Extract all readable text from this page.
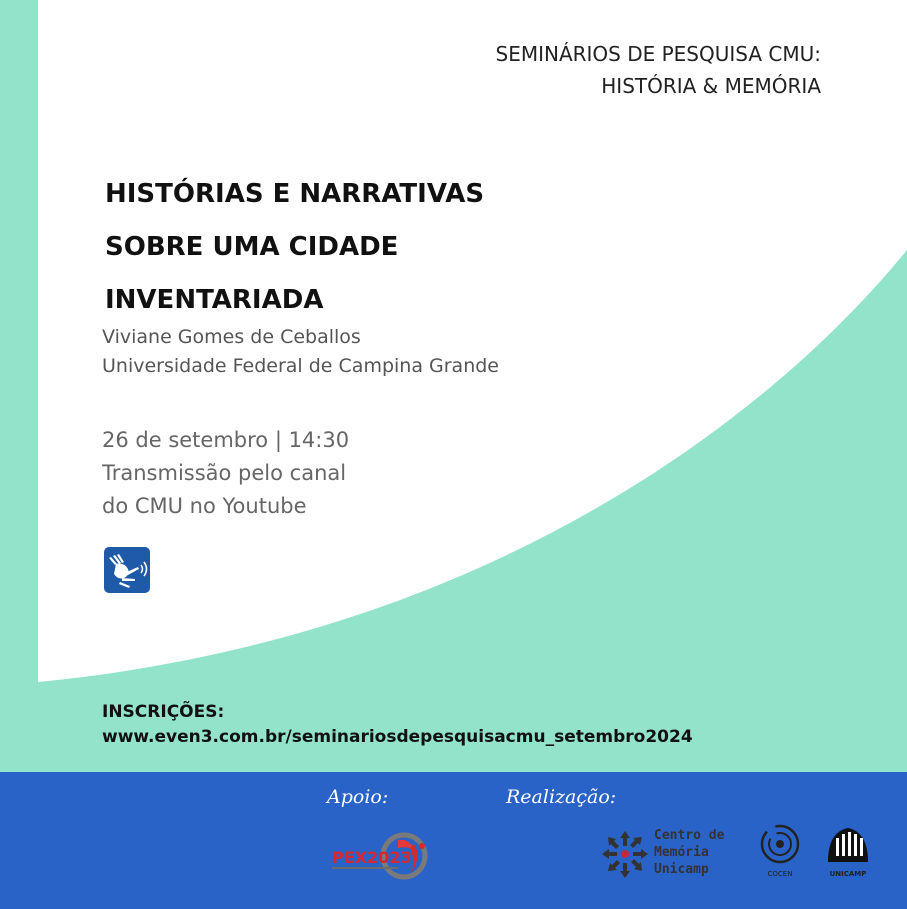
SEMINÁRIOS DE PESQUISA CMU:
HISTÓRIA & MEMÓRIA
HISTÓRIAS E NARRATIVAS
SOBRE UMA CIDADE
INVENTARIADA
Viviane Gomes de Ceballos
Universidade Federal de Campina Grande
26 de setembro | 14:30
Transmissão pelo canal
do CMU no Youtube
INSCRIÇÕES:
www.even3.com.br/seminariosdepesquisacmu_setembro2024
Apoio:	Realização:
PEX2023
Centro de
Memória
Unicamp	COCEN	UNICAMP
